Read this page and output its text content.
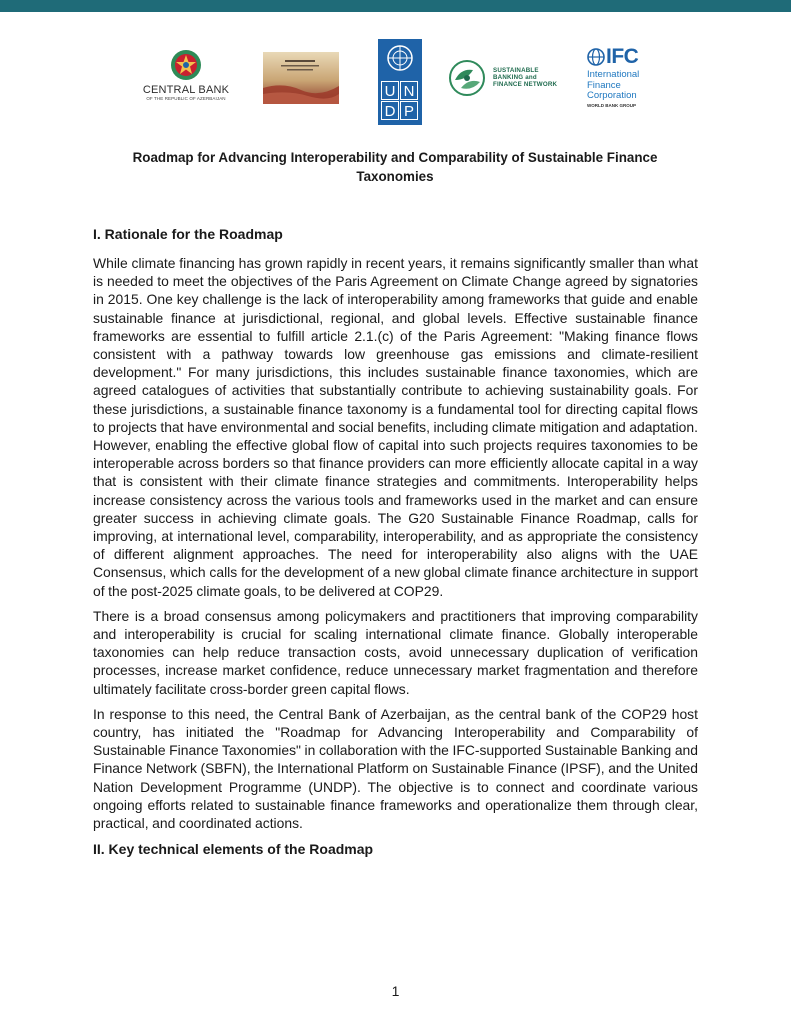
CENTRAL BANK
OF THE REPUBLIC OF AZERBAIJAN	U N
D P
SUSTAINABLE
BANKING and
FINANCE NETWORK
IFC
International
Finance
Corporation
WORLD BANK GROUP
Roadmap for Advancing Interoperability and Comparability of Sustainable Finance Taxonomies
I. Rationale for the Roadmap

While climate financing has grown rapidly in recent years, it remains significantly smaller than what is needed to meet the objectives of the Paris Agreement on Climate Change agreed by signatories in 2015. One key challenge is the lack of interoperability among frameworks that guide and enable sustainable finance at jurisdictional, regional, and global levels. Effective sustainable finance frameworks are essential to fulfill article 2.1.(c) of the Paris Agreement: "Making finance flows consistent with a pathway towards low greenhouse gas emissions and climate-resilient development." For many jurisdictions, this includes sustainable finance taxonomies, which are agreed catalogues of activities that substantially contribute to achieving sustainability goals. For these jurisdictions, a sustainable finance taxonomy is a fundamental tool for directing capital flows to projects that have environmental and social benefits, including climate mitigation and adaptation. However, enabling the effective global flow of capital into such projects requires taxonomies to be interoperable across borders so that finance providers can more efficiently allocate capital in a way that is consistent with their climate finance strategies and commitments. Interoperability helps increase consistency across the various tools and frameworks used in the market and can ensure greater success in achieving climate goals. The G20 Sustainable Finance Roadmap, calls for improving, at international level, comparability, interoperability, and as appropriate the consistency of different alignment approaches. The need for interoperability also aligns with the UAE Consensus, which calls for the development of a new global climate finance architecture in support of the post-2025 climate goals, to be delivered at COP29.

There is a broad consensus among policymakers and practitioners that improving comparability and interoperability is crucial for scaling international climate finance. Globally interoperable taxonomies can help reduce transaction costs, avoid unnecessary duplication of verification processes, increase market confidence, reduce unnecessary market fragmentation and therefore ultimately facilitate cross-border green capital flows.

In response to this need, the Central Bank of Azerbaijan, as the central bank of the COP29 host country, has initiated the "Roadmap for Advancing Interoperability and Comparability of Sustainable Finance Taxonomies" in collaboration with the IFC-supported Sustainable Banking and Finance Network (SBFN), the International Platform on Sustainable Finance (IPSF), and the United Nation Development Programme (UNDP). The objective is to connect and coordinate various ongoing efforts related to sustainable finance frameworks and operationalize them through clear, practical, and coordinated actions.

II. Key technical elements of the Roadmap
1
